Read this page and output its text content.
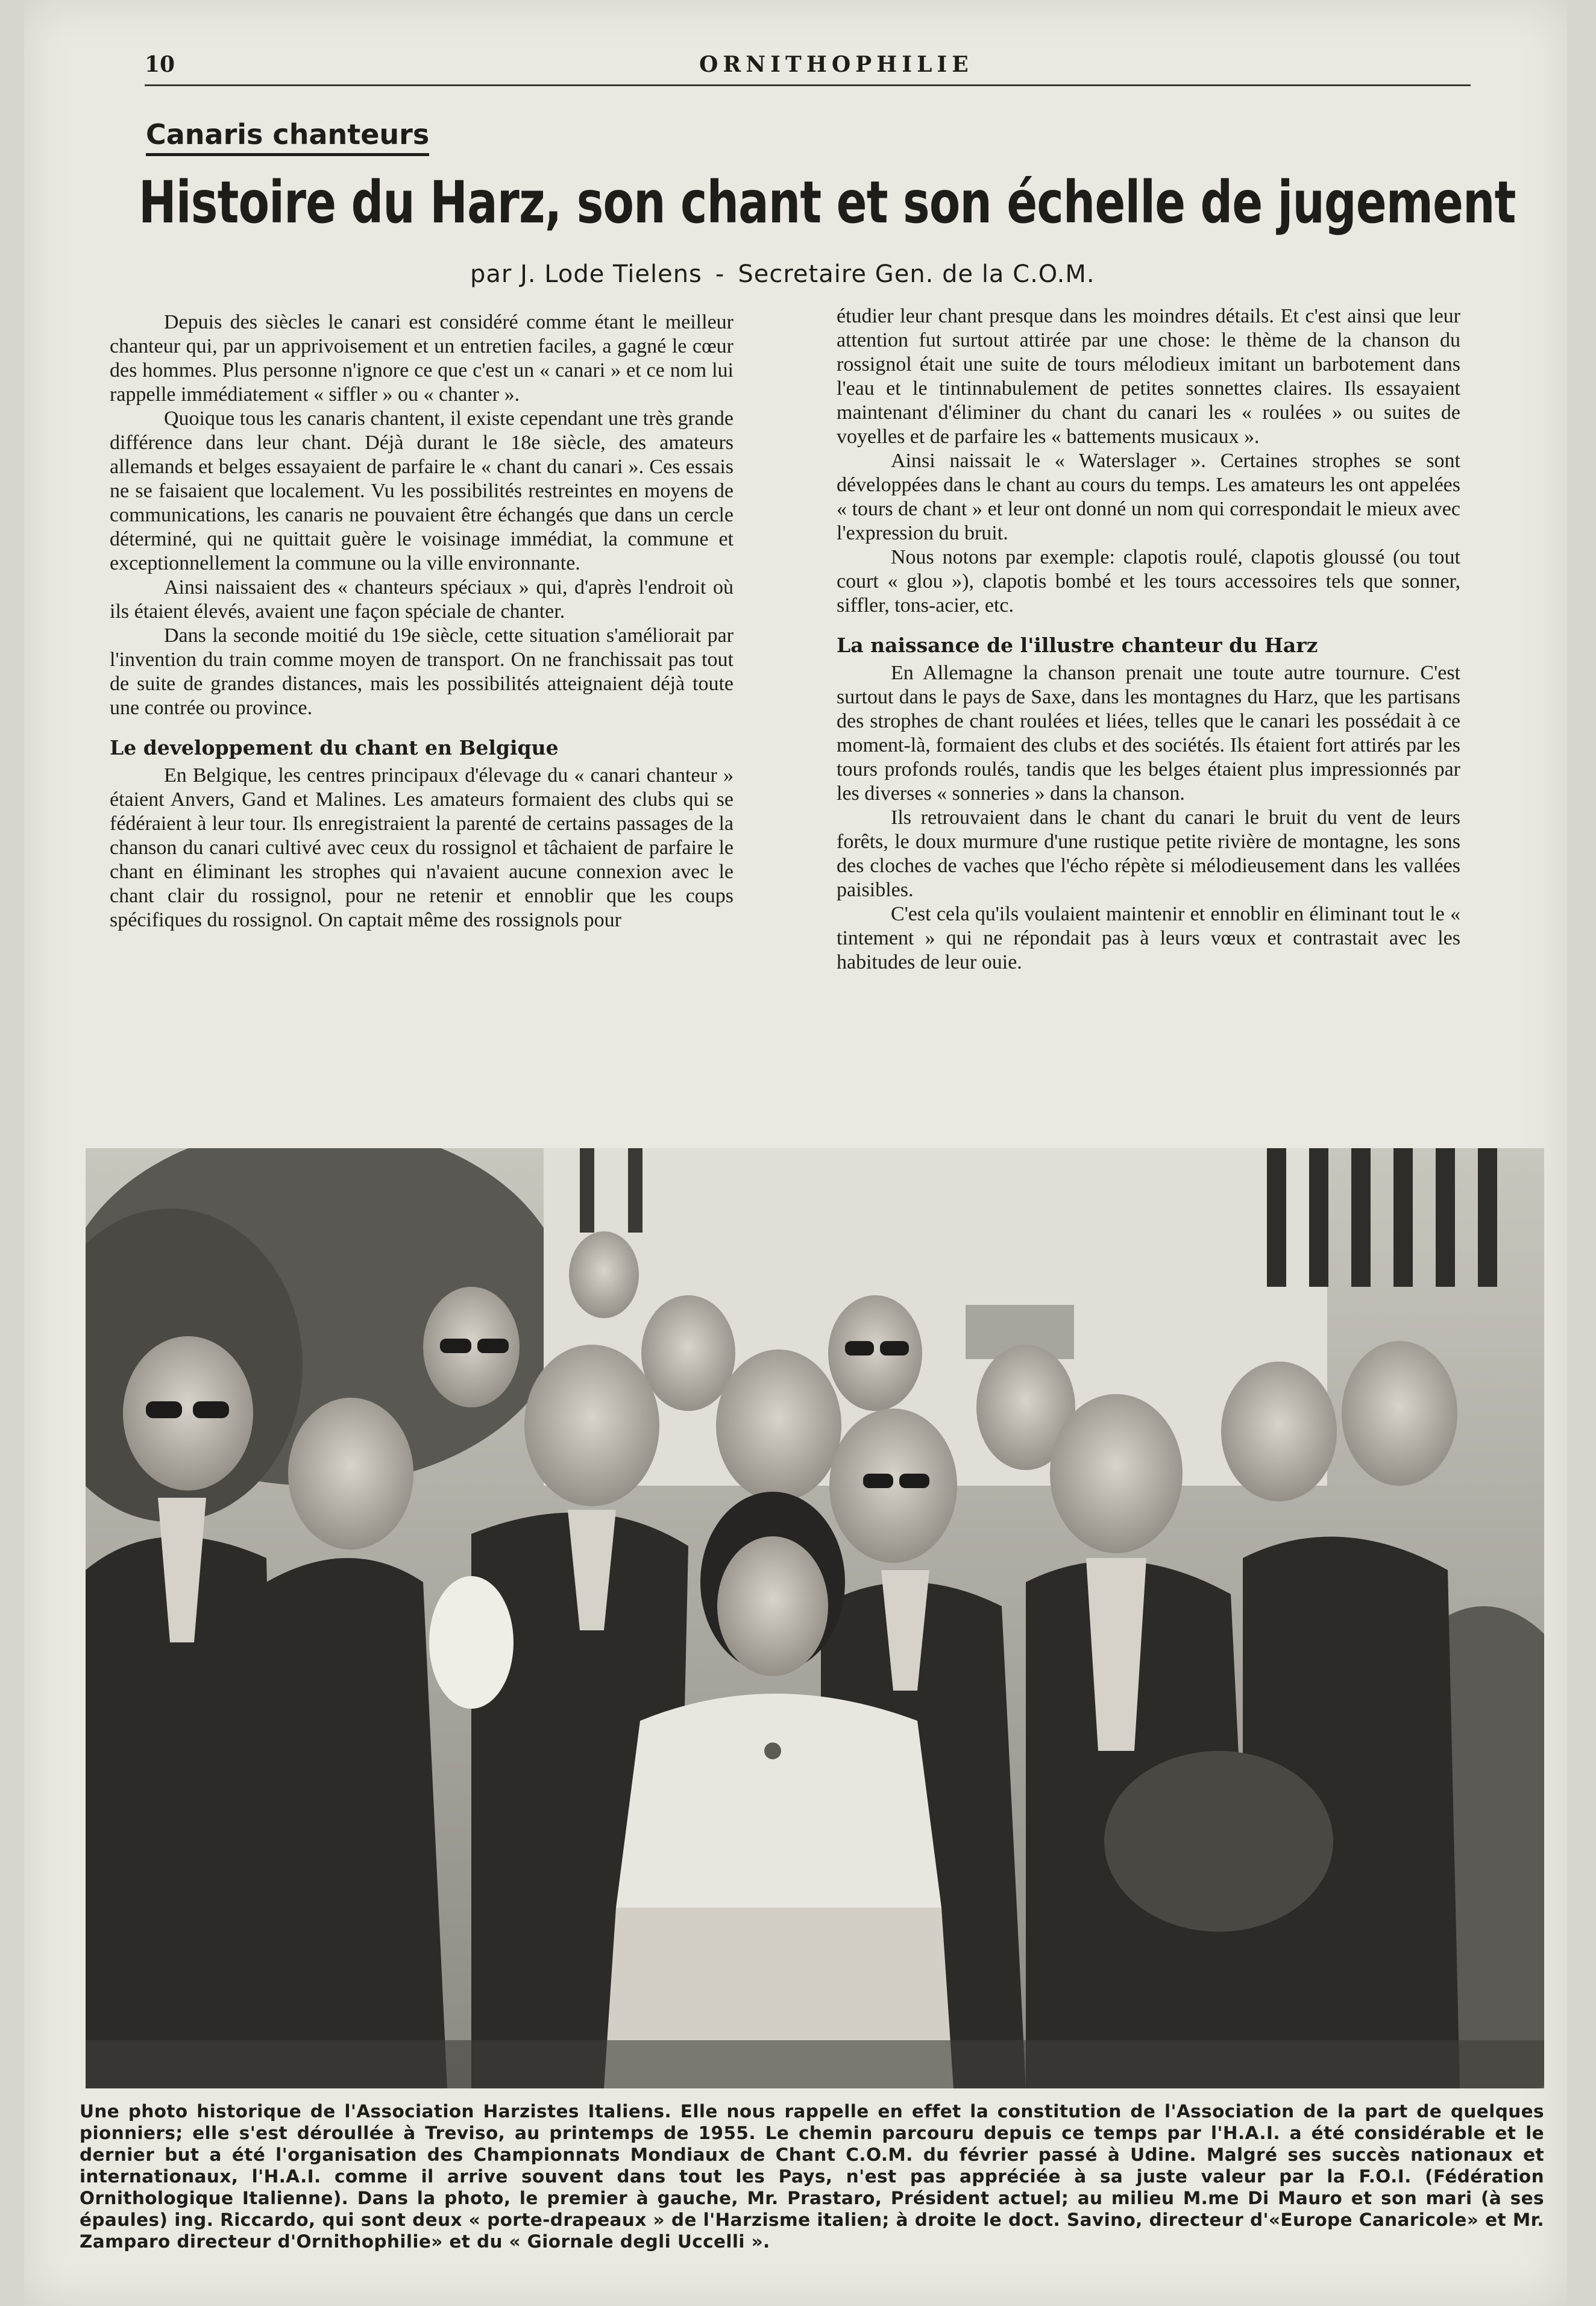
10	ORNITHOPHILIE
Canaris chanteurs
Histoire du Harz, son chant et son échelle de jugement
par J. Lode Tielens - Secretaire Gen. de la C.O.M.

Depuis des siècles le canari est considéré comme étant le meilleur chanteur qui, par un apprivoisement et un entretien faciles, a gagné le cœur des hommes. Plus personne n'ignore ce que c'est un « canari » et ce nom lui rappelle immédiatement « siffler » ou « chanter ».

Quoique tous les canaris chantent, il existe cependant une très grande différence dans leur chant. Déjà durant le 18e siècle, des amateurs allemands et belges essayaient de parfaire le « chant du canari ». Ces essais ne se faisaient que localement. Vu les possibilités restreintes en moyens de communications, les canaris ne pouvaient être échangés que dans un cercle déterminé, qui ne quittait guère le voisinage immédiat, la commune et exceptionnellement la commune ou la ville environnante.

Ainsi naissaient des « chanteurs spéciaux » qui, d'après l'endroit où ils étaient élevés, avaient une façon spéciale de chanter.

Dans la seconde moitié du 19e siècle, cette situation s'améliorait par l'invention du train comme moyen de transport. On ne franchissait pas tout de suite de grandes distances, mais les possibilités atteignaient déjà toute une contrée ou province.

Le developpement du chant en Belgique

En Belgique, les centres principaux d'élevage du « canari chanteur » étaient Anvers, Gand et Malines. Les amateurs formaient des clubs qui se fédéraient à leur tour. Ils enregistraient la parenté de certains passages de la chanson du canari cultivé avec ceux du rossignol et tâchaient de parfaire le chant en éliminant les strophes qui n'avaient aucune connexion avec le chant clair du rossignol, pour ne retenir et ennoblir que les coups spécifiques du rossignol. On captait même des rossignols pour

étudier leur chant presque dans les moindres détails. Et c'est ainsi que leur attention fut surtout attirée par une chose: le thème de la chanson du rossignol était une suite de tours mélodieux imitant un barbotement dans l'eau et le tintinnabulement de petites sonnettes claires. Ils essayaient maintenant d'éliminer du chant du canari les « roulées » ou suites de voyelles et de parfaire les « battements musicaux ».

Ainsi naissait le « Waterslager ». Certaines strophes se sont développées dans le chant au cours du temps. Les amateurs les ont appelées « tours de chant » et leur ont donné un nom qui correspondait le mieux avec l'expression du bruit.

Nous notons par exemple: clapotis roulé, clapotis gloussé (ou tout court « glou »), clapotis bombé et les tours accessoires tels que sonner, siffler, tons-acier, etc.

La naissance de l'illustre chanteur du Harz

En Allemagne la chanson prenait une toute autre tournure. C'est surtout dans le pays de Saxe, dans les montagnes du Harz, que les partisans des strophes de chant roulées et liées, telles que le canari les possédait à ce moment-là, formaient des clubs et des sociétés. Ils étaient fort attirés par les tours profonds roulés, tandis que les belges étaient plus impressionnés par les diverses « sonneries » dans la chanson.

Ils retrouvaient dans le chant du canari le bruit du vent de leurs forêts, le doux murmure d'une rustique petite rivière de montagne, les sons des cloches de vaches que l'écho répète si mélodieusement dans les vallées paisibles.

C'est cela qu'ils voulaient maintenir et ennoblir en éliminant tout le « tintement » qui ne répondait pas à leurs vœux et contrastait avec les habitudes de leur ouie.

Une photo historique de l'Association Harzistes Italiens. Elle nous rappelle en effet la constitution de l'Association de la part de quelques pionniers; elle s'est déroullée à Treviso, au printemps de 1955. Le chemin parcouru depuis ce temps par l'H.A.I. a été considérable et le dernier but a été l'organisation des Championnats Mondiaux de Chant C.O.M. du février passé à Udine. Malgré ses succès nationaux et internationaux, l'H.A.I. comme il arrive souvent dans tout les Pays, n'est pas appréciée à sa juste valeur par la F.O.I. (Fédération Ornithologique Italienne). Dans la photo, le premier à gauche, Mr. Prastaro, Président actuel; au milieu M.me Di Mauro et son mari (à ses épaules) ing. Riccardo, qui sont deux « porte-drapeaux » de l'Harzisme italien; à droite le doct. Savino, directeur d'«Europe Canaricole» et Mr. Zamparo directeur d'Ornithophilie» et du « Giornale degli Uccelli ».
